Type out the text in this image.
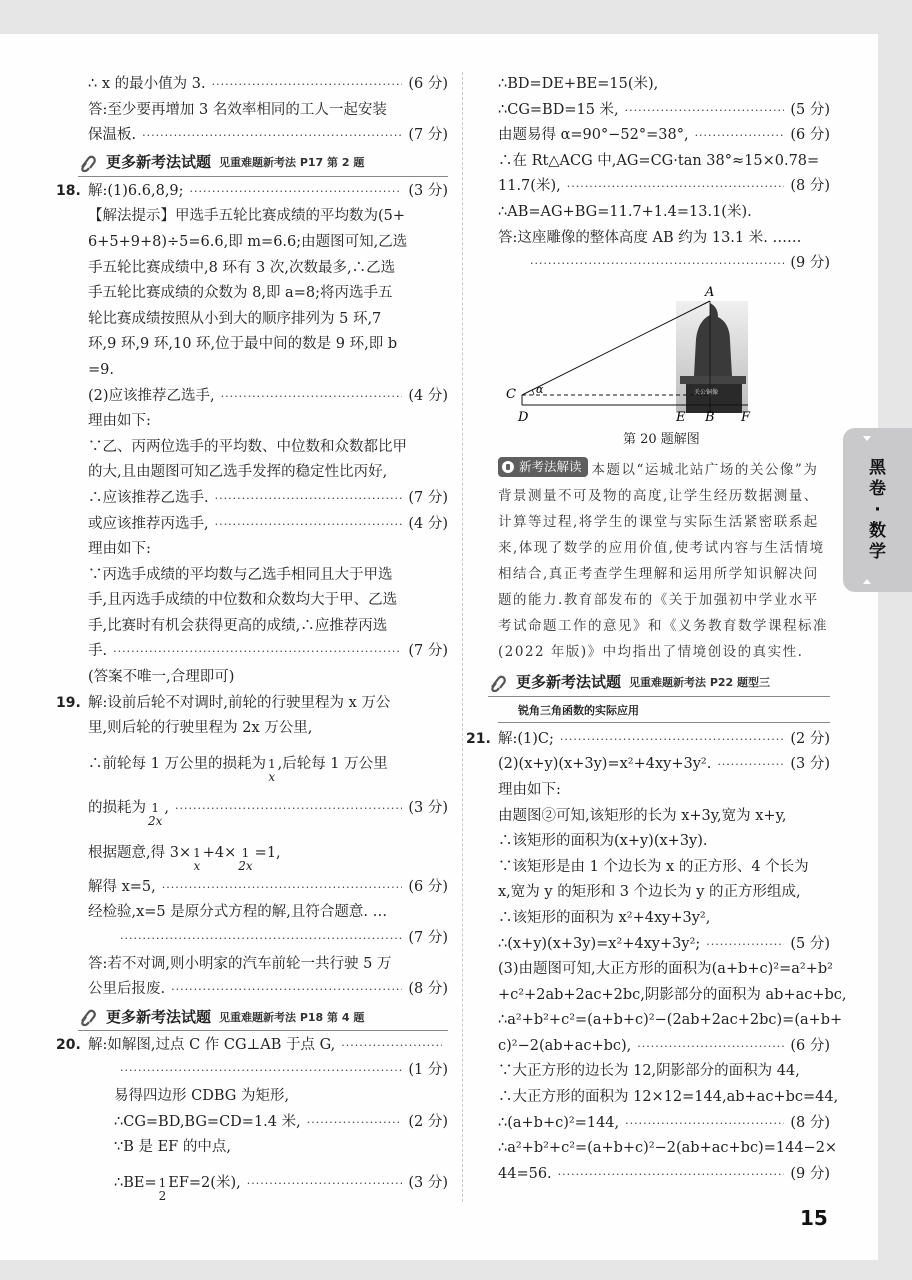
∴ x 的最小值为 3. ·····	(6 分)
答:至少要再增加 3 名效率相同的工人一起安装
保温板. ·····	(7 分)
更多新考法试题 见重难题新考法 P17 第 2 题
18. 解:(1)6.6,8,9; ·····	(3 分)
【解法提示】甲选手五轮比赛成绩的平均数为(5+
6+5+9+8)÷5=6.6,即 m=6.6;由题图可知,乙选
手五轮比赛成绩中,8 环有 3 次,次数最多,∴乙选
手五轮比赛成绩的众数为 8,即 a=8;将丙选手五
轮比赛成绩按照从小到大的顺序排列为 5 环,7
环,9 环,9 环,10 环,位于最中间的数是 9 环,即 b
=9.
(2)应该推荐乙选手, ·····	(4 分)
理由如下:
∵乙、丙两位选手的平均数、中位数和众数都比甲
的大,且由题图可知乙选手发挥的稳定性比丙好,
∴应该推荐乙选手. ·····	(7 分)
或应该推荐丙选手, ·····	(4 分)
理由如下:
∵丙选手成绩的平均数与乙选手相同且大于甲选
手,且丙选手成绩的中位数和众数均大于甲、乙选
手,比赛时有机会获得更高的成绩,∴应推荐丙选
手. ·····	(7 分)
(答案不唯一,合理即可)
19. 解:设前后轮不对调时,前轮的行驶里程为 x 万公
里,则后轮的行驶里程为 2x 万公里,
∴前轮每 1 万公里的损耗为 1
x
,后轮每 1 万公里
的损耗为 1
2x
, ·····	(3 分)
根据题意,得 3× 1
x
+4× 1
2x
=1,
解得 x=5, ·····	(6 分)
经检验,x=5 是原分式方程的解,且符合题意. …
·····
(7 分)
答:若不对调,则小明家的汽车前轮一共行驶 5 万
公里后报废. ·····	(8 分)
更多新考法试题 见重难题新考法 P18 第 4 题
20. 解:如解图,过点 C 作 CG⊥AB 于点 G,
·····
·····
(1 分)
易得四边形 CDBG 为矩形,
∴CG=BD,BG=CD=1.4 米, ·····	(2 分)
∵B 是 EF 的中点,
∴BE= 1
2
EF=2(米), ·····	(3 分)
∴BD=DE+BE=15(米),
∴CG=BD=15 米, ·····	(5 分)
由题易得 α=90°−52°=38°, ·····	(6 分)
∴在 Rt△ACG 中,AG=CG·tan 38°≈15×0.78=
11.7(米), ·····	(8 分)
∴AB=AG+BG=11.7+1.4=13.1(米).
答:这座雕像的整体高度 AB 约为 13.1 米. ……
·····
(9 分)
A
C α
D	E B F
关公铜像
第 20 题解图
新考法解读 本题以“运城北站广场的关公像”为背景测量不可及物的高度,让学生经历数据测量、计算等过程,将学生的课堂与实际生活紧密联系起来,体现了数学的应用价值,使考试内容与生活情境相结合,真正考查学生理解和运用所学知识解决问题的能力.教育部发布的《关于加强初中学业水平考试命题工作的意见》和《义务教育数学课程标准(2022 年版)》中均指出了情境创设的真实性.
更多新考法试题 见重难题新考法 P22 题型三
锐角三角函数的实际应用
21. 解:(1)C; ·····	(2 分)
(2)(x+y)(x+3y)=x²+4xy+3y². ·····	(3 分)
理由如下:
由题图②可知,该矩形的长为 x+3y,宽为 x+y,
∴该矩形的面积为(x+y)(x+3y).
∵该矩形是由 1 个边长为 x 的正方形、4 个长为
x,宽为 y 的矩形和 3 个边长为 y 的正方形组成,
∴该矩形的面积为 x²+4xy+3y²,
∴(x+y)(x+3y)=x²+4xy+3y²; ·····	(5 分)
(3)由题图可知,大正方形的面积为(a+b+c)²=a²+b²
+c²+2ab+2ac+2bc,阴影部分的面积为 ab+ac+bc,
∴a²+b²+c²=(a+b+c)²−(2ab+2ac+2bc)=(a+b+
c)²−2(ab+ac+bc), ·····	(6 分)
∵大正方形的边长为 12,阴影部分的面积为 44,
∴大正方形的面积为 12×12=144,ab+ac+bc=44,
∴(a+b+c)²=144, ·····	(8 分)
∴a²+b²+c²=(a+b+c)²−2(ab+ac+bc)=144−2×
44=56. ·····	(9 分)
黑
卷
·
数
学
15
